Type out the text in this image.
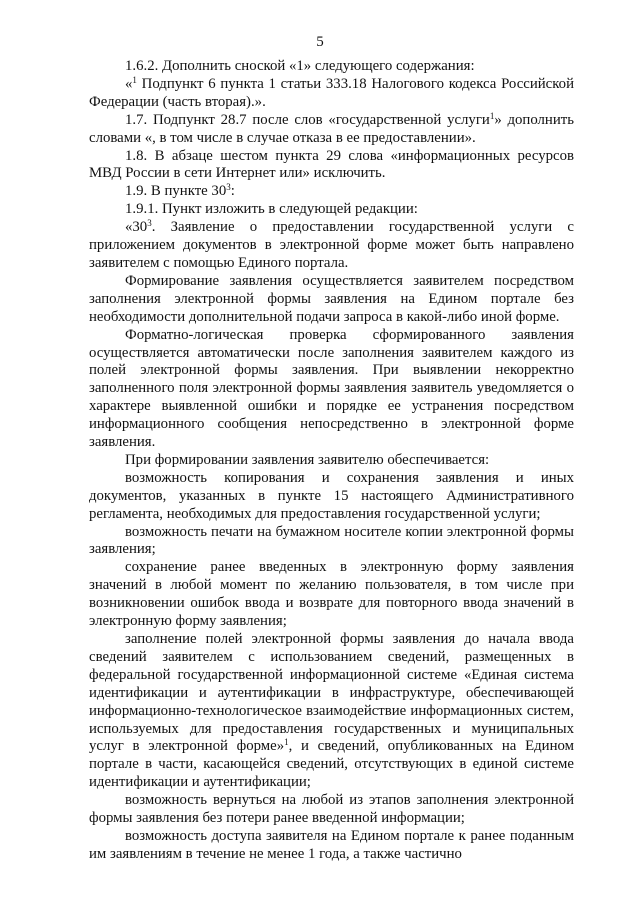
5

1.6.2. Дополнить сноской «1» следующего содержания:

«$^1$ Подпункт 6 пункта 1 статьи 333.18 Налогового кодекса Российской Федерации (часть вторая).».

1.7. Подпункт 28.7 после слов «государственной услуги$^1$» дополнить словами «, в том числе в случае отказа в ее предоставлении».

1.8. В абзаце шестом пункта 29 слова «информационных ресурсов МВД России в сети Интернет или» исключить.

1.9. В пункте $30^3$:

1.9.1. Пункт изложить в следующей редакции:

«$30^3$. Заявление о предоставлении государственной услуги с приложением документов в электронной форме может быть направлено заявителем с помощью Единого портала.

Формирование заявления осуществляется заявителем посредством заполнения электронной формы заявления на Едином портале без необходимости дополнительной подачи запроса в какой-либо иной форме.

Форматно-логическая проверка сформированного заявления осуществляется автоматически после заполнения заявителем каждого из полей электронной формы заявления. При выявлении некорректно заполненного поля электронной формы заявления заявитель уведомляется о характере выявленной ошибки и порядке ее устранения посредством информационного сообщения непосредственно в электронной форме заявления.

При формировании заявления заявителю обеспечивается:

возможность копирования и сохранения заявления и иных документов, указанных в пункте 15 настоящего Административного регламента, необходимых для предоставления государственной услуги;

возможность печати на бумажном носителе копии электронной формы заявления;

сохранение ранее введенных в электронную форму заявления значений в любой момент по желанию пользователя, в том числе при возникновении ошибок ввода и возврате для повторного ввода значений в электронную форму заявления;

заполнение полей электронной формы заявления до начала ввода сведений заявителем с использованием сведений, размещенных в федеральной государственной информационной системе «Единая система идентификации и аутентификации в инфраструктуре, обеспечивающей информационно-технологическое взаимодействие информационных систем, используемых для предоставления государственных и муниципальных услуг в электронной форме»$^1$, и сведений, опубликованных на Едином портале в части, касающейся сведений, отсутствующих в единой системе идентификации и аутентификации;

возможность вернуться на любой из этапов заполнения электронной формы заявления без потери ранее введенной информации;

возможность доступа заявителя на Едином портале к ранее поданным им заявлениям в течение не менее 1 года, а также частично
